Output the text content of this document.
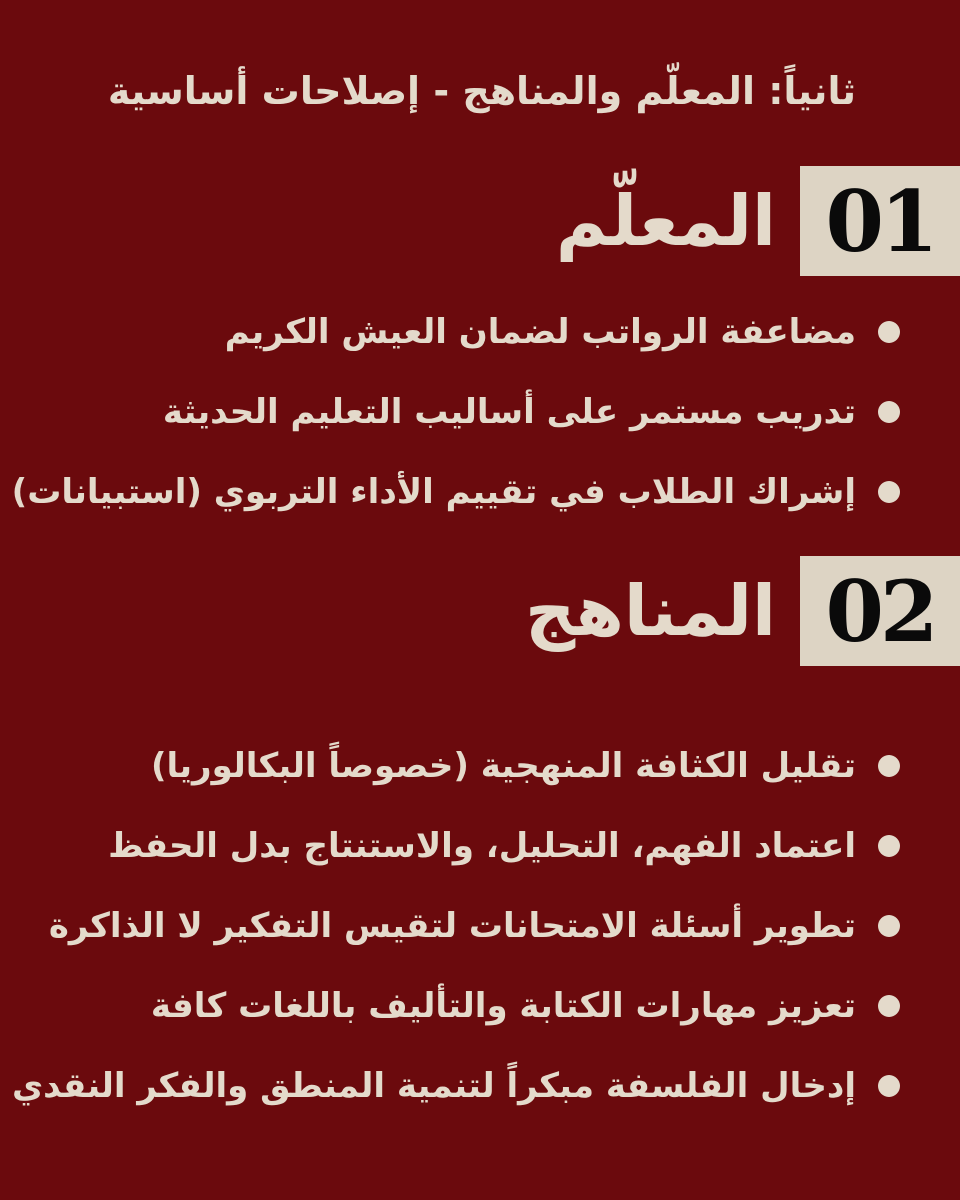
ثانياً: المعلّم والمناهج - إصلاحات أساسية
01
المعلّم
مضاعفة الرواتب لضمان العيش الكريم
تدريب مستمر على أساليب التعليم الحديثة
إشراك الطلاب في تقييم الأداء التربوي (استبيانات)
02
المناهج
تقليل الكثافة المنهجية (خصوصاً البكالوريا)
اعتماد الفهم، التحليل، والاستنتاج بدل الحفظ
تطوير أسئلة الامتحانات لتقيس التفكير لا الذاكرة
تعزيز مهارات الكتابة والتأليف باللغات كافة
إدخال الفلسفة مبكراً لتنمية المنطق والفكر النقدي
